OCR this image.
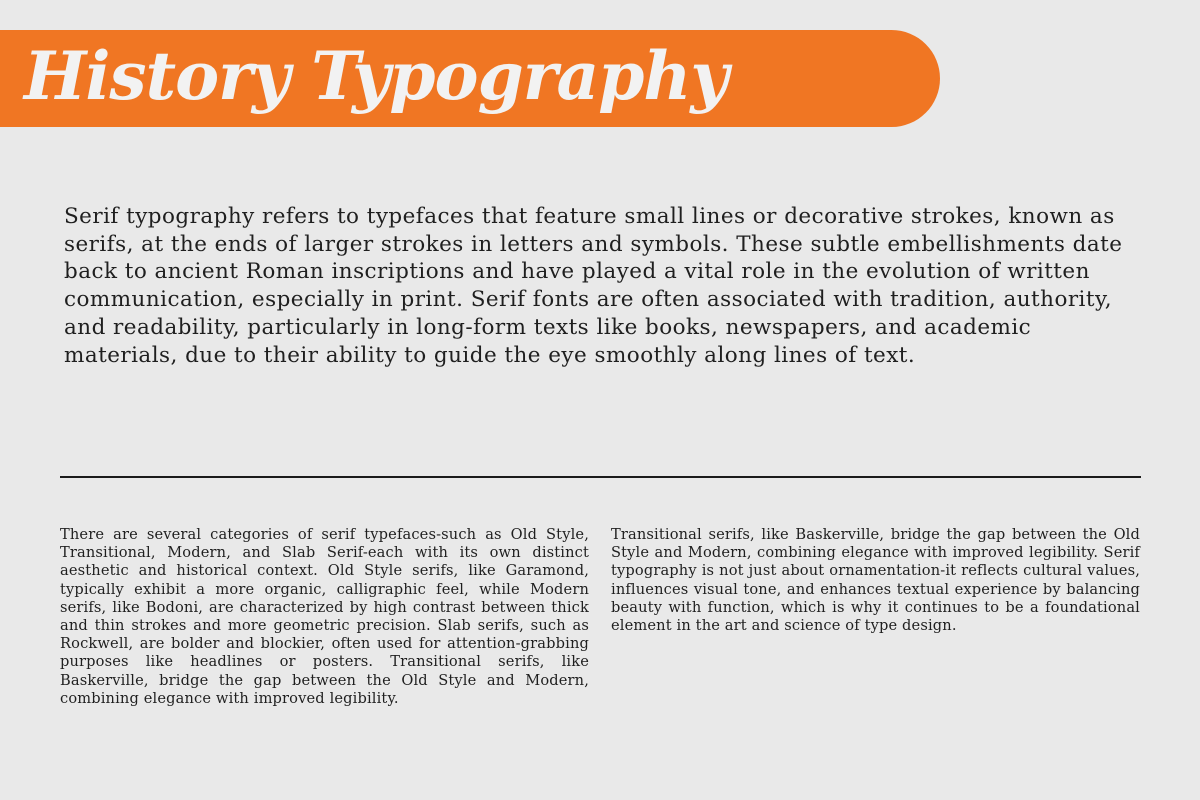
History Typography

Serif typography refers to typefaces that feature small lines or decorative strokes, known as serifs, at the ends of larger strokes in letters and symbols. These subtle embellishments date back to ancient Roman inscriptions and have played a vital role in the evolution of written communication, especially in print. Serif fonts are often associated with tradition, authority, and readability, particularly in long-form texts like books, newspapers, and academic materials, due to their ability to guide the eye smoothly along lines of text.

There are several categories of serif typefaces-such as Old Style, Transitional, Modern, and Slab Serif-each with its own distinct aesthetic and historical context. Old Style serifs, like Garamond, typically exhibit a more organic, calligraphic feel, while Modern serifs, like Bodoni, are characterized by high contrast between thick and thin strokes and more geometric precision. Slab serifs, such as Rockwell, are bolder and blockier, often used for attention-grabbing purposes like headlines or posters. Transitional serifs, like Baskerville, bridge the gap between the Old Style and Modern, combining elegance with improved legibility.

Transitional serifs, like Baskerville, bridge the gap between the Old Style and Modern, combining elegance with improved legibility. Serif typography is not just about ornamentation-it reflects cultural values, influences visual tone, and enhances textual experience by balancing beauty with function, which is why it continues to be a foundational element in the art and science of type design.
